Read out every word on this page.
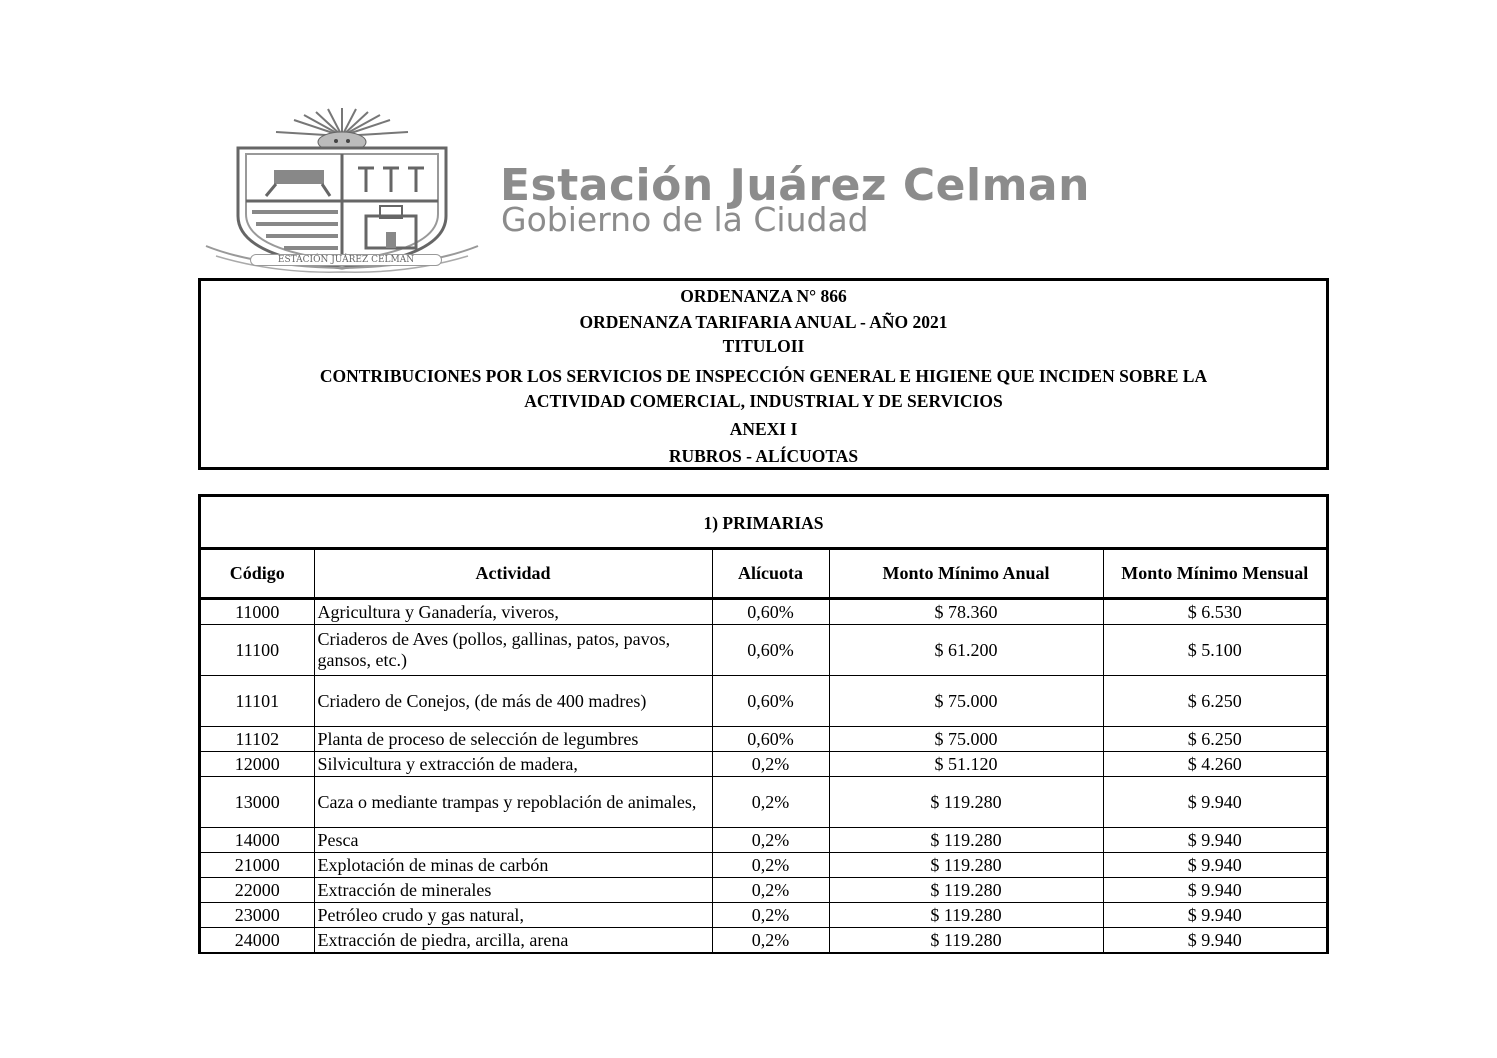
ESTACIÓN JUÁREZ CELMAN
Estación Juárez Celman
Gobierno de la Ciudad
ORDENANZA N° 866
ORDENANZA TARIFARIA ANUAL - AÑO 2021
TITULOII
CONTRIBUCIONES POR LOS SERVICIOS DE INSPECCIÓN GENERAL E HIGIENE QUE INCIDEN SOBRE LA
ACTIVIDAD COMERCIAL, INDUSTRIAL Y DE SERVICIOS
ANEXI I
RUBROS - ALÍCUOTAS
1) PRIMARIAS
Código	Actividad	Alícuota	Monto Mínimo Anual	Monto Mínimo Mensual
11000	Agricultura y Ganadería, viveros,	0,60%	$ 78.360	$ 6.530
11100	Criaderos de Aves (pollos, gallinas, patos, pavos, gansos, etc.)	0,60%	$ 61.200	$ 5.100
11101	Criadero de Conejos, (de más de 400 madres)	0,60%	$ 75.000	$ 6.250
11102	Planta de proceso de selección de legumbres	0,60%	$ 75.000	$ 6.250
12000	Silvicultura y extracción de madera,	0,2%	$ 51.120	$ 4.260
13000	Caza o mediante trampas y repoblación de animales,	0,2%	$ 119.280	$ 9.940
14000	Pesca	0,2%	$ 119.280	$ 9.940
21000	Explotación de minas de carbón	0,2%	$ 119.280	$ 9.940
22000	Extracción de minerales	0,2%	$ 119.280	$ 9.940
23000	Petróleo crudo y gas natural,	0,2%	$ 119.280	$ 9.940
24000	Extracción de piedra, arcilla, arena	0,2%	$ 119.280	$ 9.940
